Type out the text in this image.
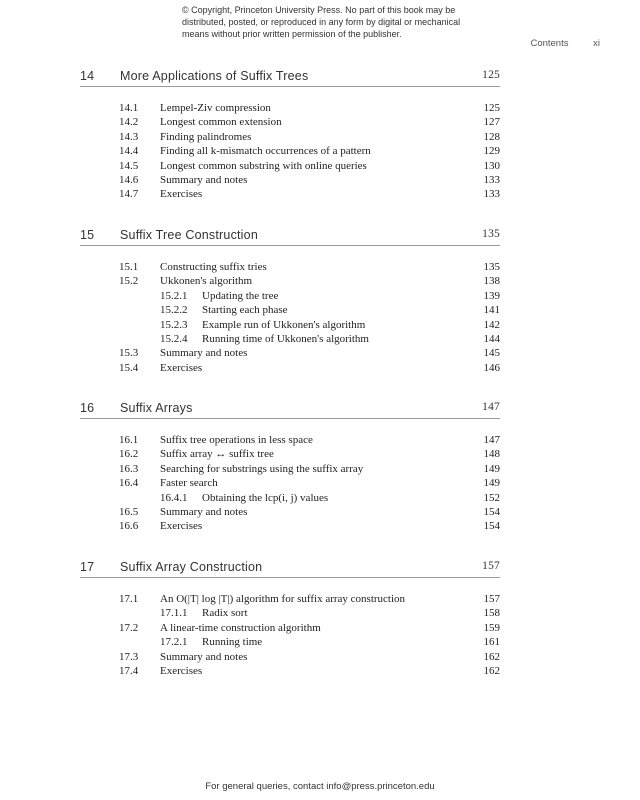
© Copyright, Princeton University Press. No part of this book may be
distributed, posted, or reproduced in any form by digital or mechanical
means without prior written permission of the publisher.
Contents	xi
14 More Applications of Suffix Trees	125
14.1 Lempel-Ziv compression	125
14.2 Longest common extension	127
14.3 Finding palindromes	128
14.4 Finding all k-mismatch occurrences of a pattern	129
14.5 Longest common substring with online queries	130
14.6 Summary and notes	133
14.7 Exercises	133
15 Suffix Tree Construction	135
15.1 Constructing suffix tries	135
15.2 Ukkonen's algorithm	138
15.2.1 Updating the tree	139
15.2.2 Starting each phase	141
15.2.3 Example run of Ukkonen's algorithm	142
15.2.4 Running time of Ukkonen's algorithm	144
15.3 Summary and notes	145
15.4 Exercises	146
16 Suffix Arrays	147
16.1 Suffix tree operations in less space	147
16.2 Suffix array ↔ suffix tree	148
16.3 Searching for substrings using the suffix array	149
16.4 Faster search	149
16.4.1 Obtaining the lcp(i, j) values	152
16.5 Summary and notes	154
16.6 Exercises	154
17 Suffix Array Construction	157
17.1 An O(|T| log |T|) algorithm for suffix array construction	157
17.1.1 Radix sort	158
17.2 A linear-time construction algorithm	159
17.2.1 Running time	161
17.3 Summary and notes	162
17.4 Exercises	162
For general queries, contact info@press.princeton.edu
